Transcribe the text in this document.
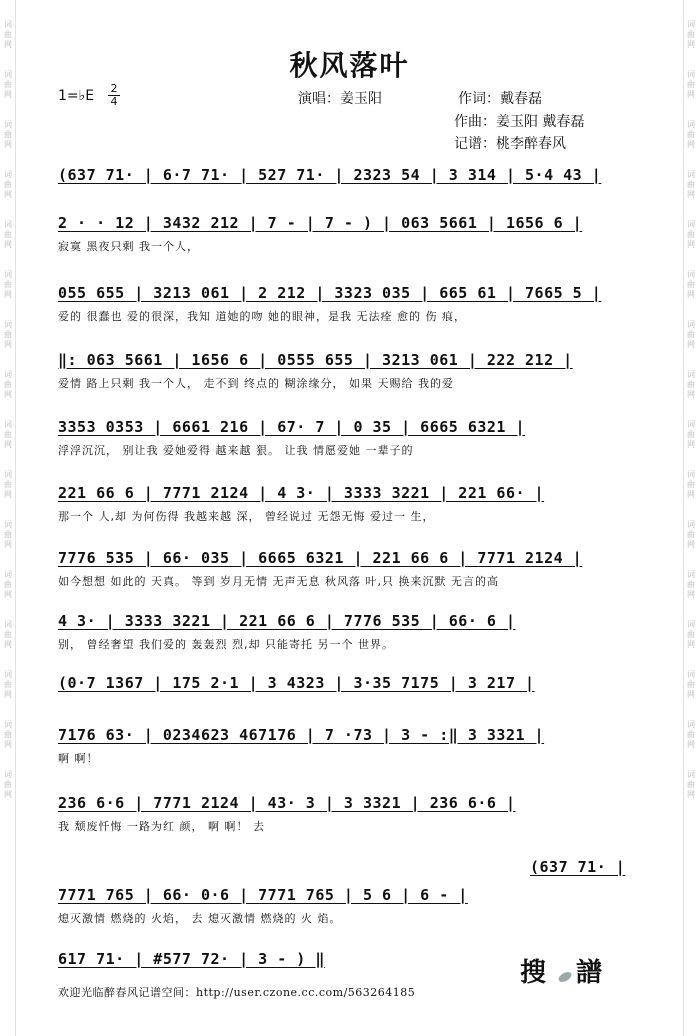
词曲网
词曲网
词曲网
词曲网
词曲网
词曲网
词曲网
词曲网
词曲网
词曲网
词曲网
词曲网
词曲网
词曲网
词曲网
词曲网
词曲网
词曲网
词曲网
词曲网
词曲网
词曲网
词曲网
词曲网
词曲网
词曲网
词曲网
词曲网
词曲网
词曲网
词曲网
词曲网
秋风落叶
1=♭E 2
4	演唱：姜玉阳	作词：戴春磊
作曲：姜玉阳 戴春磊
记谱：桃李醉春风
(637 71· | 6·7 71· | 527 71· | 2323 54 | 3 314 | 5·4 43 |
2 · · 12 | 3432 212 | 7 - | 7 - ) | 063 5661 | 1656 6 |
寂寞 黑夜只剩 我一个人，
055 655 | 3213 061 | 2 212 | 3323 035 | 665 61 | 7665 5 |
爱的 很蠢也 爱的很深，我知 道她的吻 她的眼神，是我 无法痊 愈的 伤 痕，
‖: 063 5661 | 1656 6 | 0555 655 | 3213 061 | 222 212 |
爱情 路上只剩 我一个人， 走不到 终点的 糊涂缘分， 如果 天赐给 我的爱
3353 0353 | 6661 216 | 67· 7 | 0 35 | 6665 6321 |
浮浮沉沉， 别让我 爱她爱得 越来越 狠。 让我 情愿爱她 一辈子的
221 66 6 | 7771 2124 | 4 3· | 3333 3221 | 221 66· |
那一个 人,却 为何伤得 我越来越 深， 曾经说过 无怨无悔 爱过一 生，
7776 535 | 66· 035 | 6665 6321 | 221 66 6 | 7771 2124 |
如今想想 如此的 天真。 等到 岁月无情 无声无息 秋风落 叶,只 换来沉默 无言的高
4 3· | 3333 3221 | 221 66 6 | 7776 535 | 66· 6 |
别， 曾经奢望 我们爱的 轰轰烈 烈,却 只能寄托 另一个 世界。
(0·7 1367 | 175 2·1 | 3 4323 | 3·35 7175 | 3 217 |
7176 63· | 0234623 467176 | 7 ·73 | 3 - :‖ 3 3321 |
啊 啊！
236 6·6 | 7771 2124 | 43· 3 | 3 3321 | 236 6·6 |
我 颓废忏悔 一路为红 颜， 啊 啊！ 去
(637 71· |
7771 765 | 66· 0·6 | 7771 765 | 5 6 | 6 - |
熄灭激情 燃烧的 火焰， 去 熄灭激情 燃烧的 火 焰。
617 71· | #577 72· | 3 - ) ‖	搜 譜
欢迎光临醉春风记谱空间：http://user.czone.cc.com/563264185
